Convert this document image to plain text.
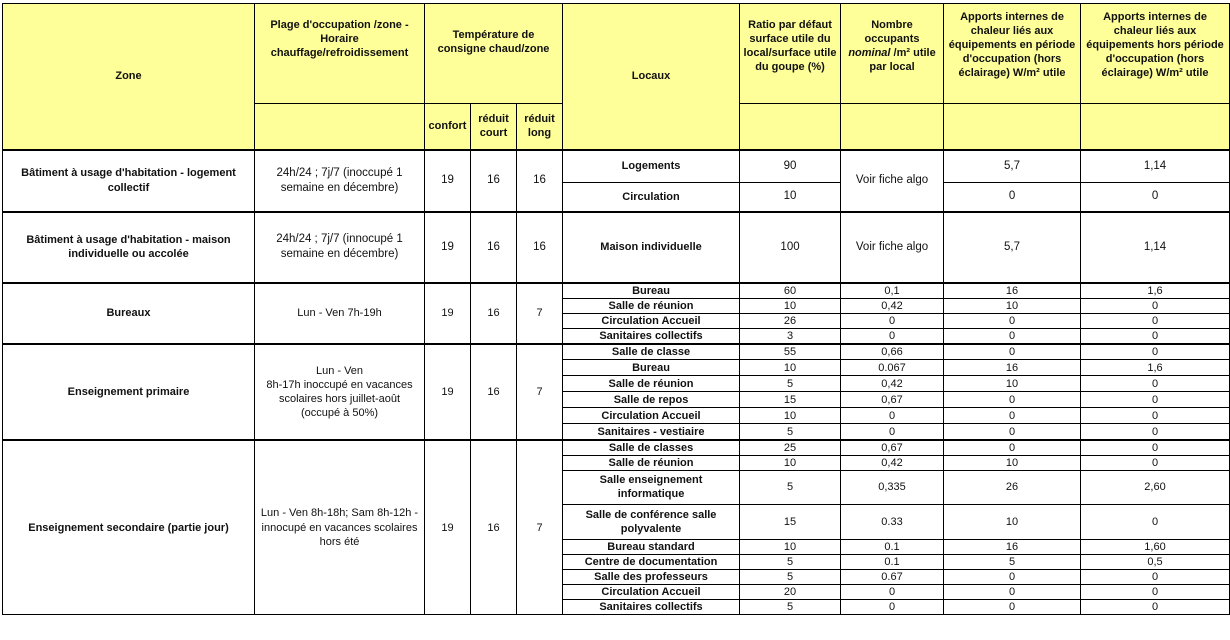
Zone	Plage d'occupation /zone - Horaire chauffage/refroidissement	Température de consigne chaud/zone			Locaux	Ratio par défaut surface utile du local/surface utile du goupe (%)	Nombre occupants
nominal /m² utile par local	Apports internes de chaleur liés aux équipements en période d'occupation (hors éclairage) W/m² utile	Apports internes de chaleur liés aux équipements hors période d'occupation (hors éclairage) W/m² utile
		confort	réduit court	réduit long					
Bâtiment à usage d'habitation - logement collectif	24h/24 ; 7j/7 (inoccupé 1 semaine en décembre)	19	16	16	Logements	90	Voir fiche algo	5,7	1,14
					Circulation	10		0	0
Bâtiment à usage d'habitation - maison individuelle ou accolée	24h/24 ; 7j/7 (innocupé 1 semaine en décembre)	19	16	16	Maison individuelle	100	Voir fiche algo	5,7	1,14
Bureaux	Lun - Ven 7h-19h	19	16	7	Bureau	60	0,1	16	1,6
					Salle de réunion	10	0,42	10	0
					Circulation Accueil	26	0	0	0
					Sanitaires collectifs	3	0	0	0
Enseignement primaire	Lun - Ven
8h-17h inoccupé en vacances scolaires hors juillet-août
(occupé à 50%)	19	16	7	Salle de classe	55	0,66	0	0
					Bureau	10	0.067	16	1,6
					Salle de réunion	5	0,42	10	0
					Salle de repos	15	0,67	0	0
					Circulation Accueil	10	0	0	0
					Sanitaires - vestiaire	5	0	0	0
Enseignement secondaire (partie jour)	Lun - Ven 8h-18h; Sam 8h-12h - innocupé en vacances scolaires hors été	19	16	7	Salle de classes	25	0,67	0	0
					Salle de réunion	10	0,42	10	0
					Salle enseignement informatique	5	0,335	26	2,60
					Salle de conférence salle polyvalente	15	0.33	10	0
					Bureau standard	10	0.1	16	1,60
					Centre de documentation	5	0.1	5	0,5
					Salle des professeurs	5	0.67	0	0
					Circulation Accueil	20	0	0	0
					Sanitaires collectifs	5	0	0	0
